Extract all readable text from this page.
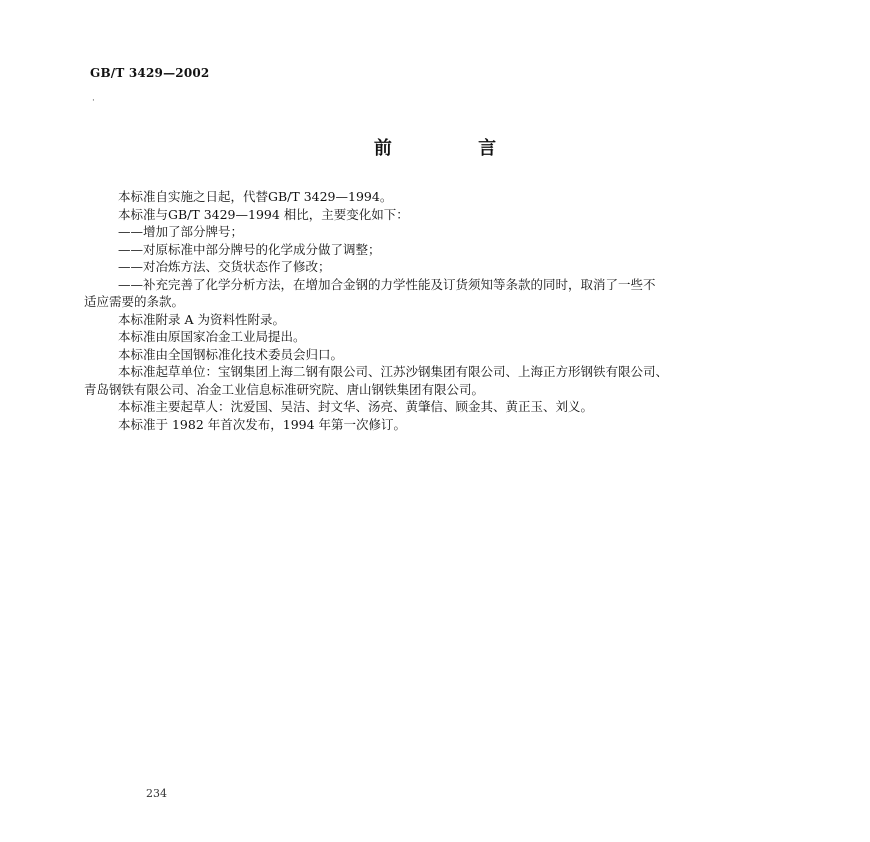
GB/T 3429—2002
·
前 言

本标准自实施之日起，代替GB/T 3429—1994。

本标准与GB/T 3429—1994 相比，主要变化如下：

——增加了部分牌号；

——对原标准中部分牌号的化学成分做了调整；

——对冶炼方法、交货状态作了修改；

——补充完善了化学分析方法，在增加合金钢的力学性能及订货须知等条款的同时，取消了一些不

适应需要的条款。

本标准附录 A 为资料性附录。

本标准由原国家冶金工业局提出。

本标准由全国钢标准化技术委员会归口。

本标准起草单位：宝钢集团上海二钢有限公司、江苏沙钢集团有限公司、上海正方形钢铁有限公司、

青岛钢铁有限公司、冶金工业信息标准研究院、唐山钢铁集团有限公司。

本标准主要起草人：沈爱国、吴洁、封文华、汤亮、黄肇信、顾金其、黄正玉、刘义。

本标准于 1982 年首次发布，1994 年第一次修订。

234
